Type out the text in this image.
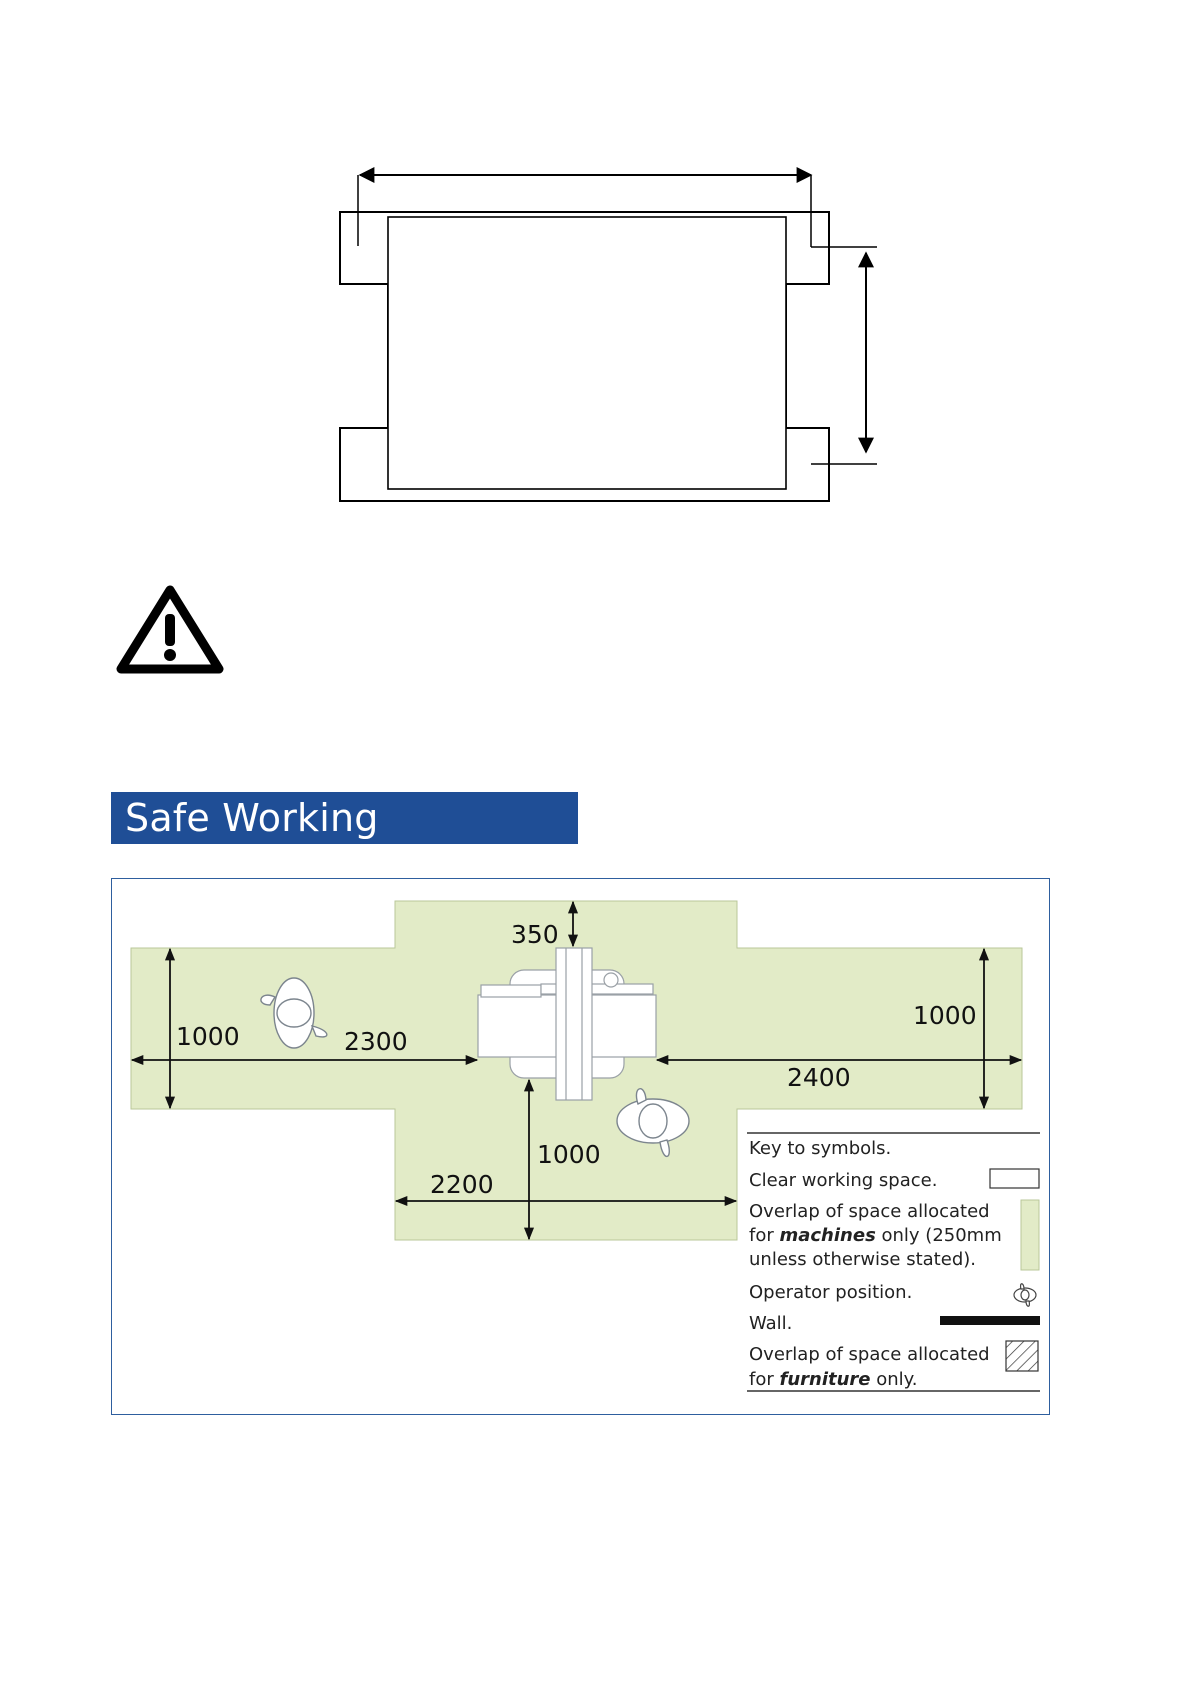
Safe Working Distances
350
1000	2300
1000
2400
1000
2200
Key to symbols.
Clear working space.
Overlap of space allocated
for machines only (250mm
unless otherwise stated).
Operator position.
Wall.
Overlap of space allocated
for furniture only.
